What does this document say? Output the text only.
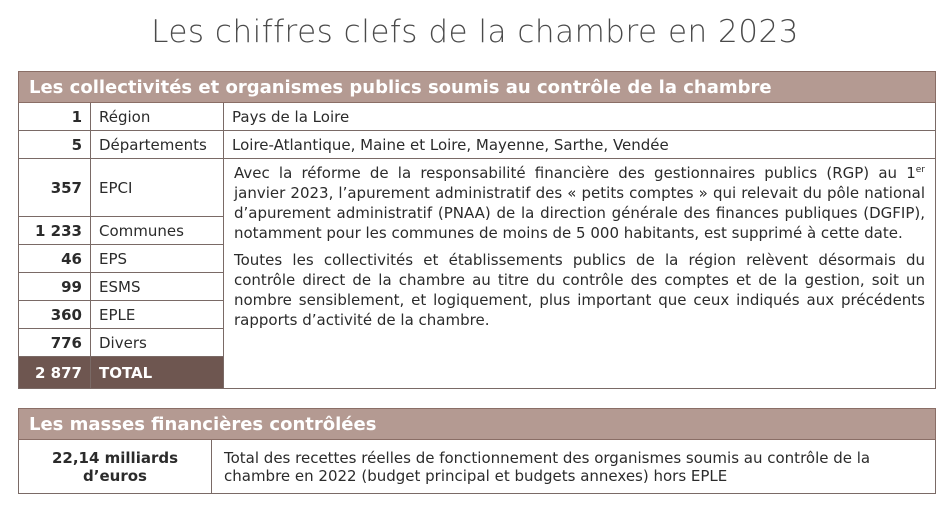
Les chiffres clefs de la chambre en 2023
Les collectivités et organismes publics soumis au contrôle de la chambre		
1	Région	Pays de la Loire
5	Départements	Loire-Atlantique, Maine et Loire, Mayenne, Sarthe, Vendée
357	EPCI	Avec la réforme de la responsabilité financière des gestionnaires publics (RGP) au 1er janvier 2023, l’apurement administratif des « petits comptes » qui relevait du pôle national d’apurement administratif (PNAA) de la direction générale des finances publiques (DGFIP), notamment pour les communes de moins de 5 000 habitants, est supprimé à cette date.

Toutes les collectivités et établissements publics de la région relèvent désormais du contrôle direct de la chambre au titre du contrôle des comptes et de la gestion, soit un nombre sensiblement, et logiquement, plus important que ceux indiqués aux précédents rapports d’activité de la chambre.

1 233	Communes	
46	EPS	
99	ESMS	
360	EPLE	
776	Divers	
2 877	TOTAL	
Les masses financières contrôlées
22,14 milliards d’euros	Total des recettes réelles de fonctionnement des organismes soumis au contrôle de la chambre en 2022 (budget principal et budgets annexes) hors EPLE
